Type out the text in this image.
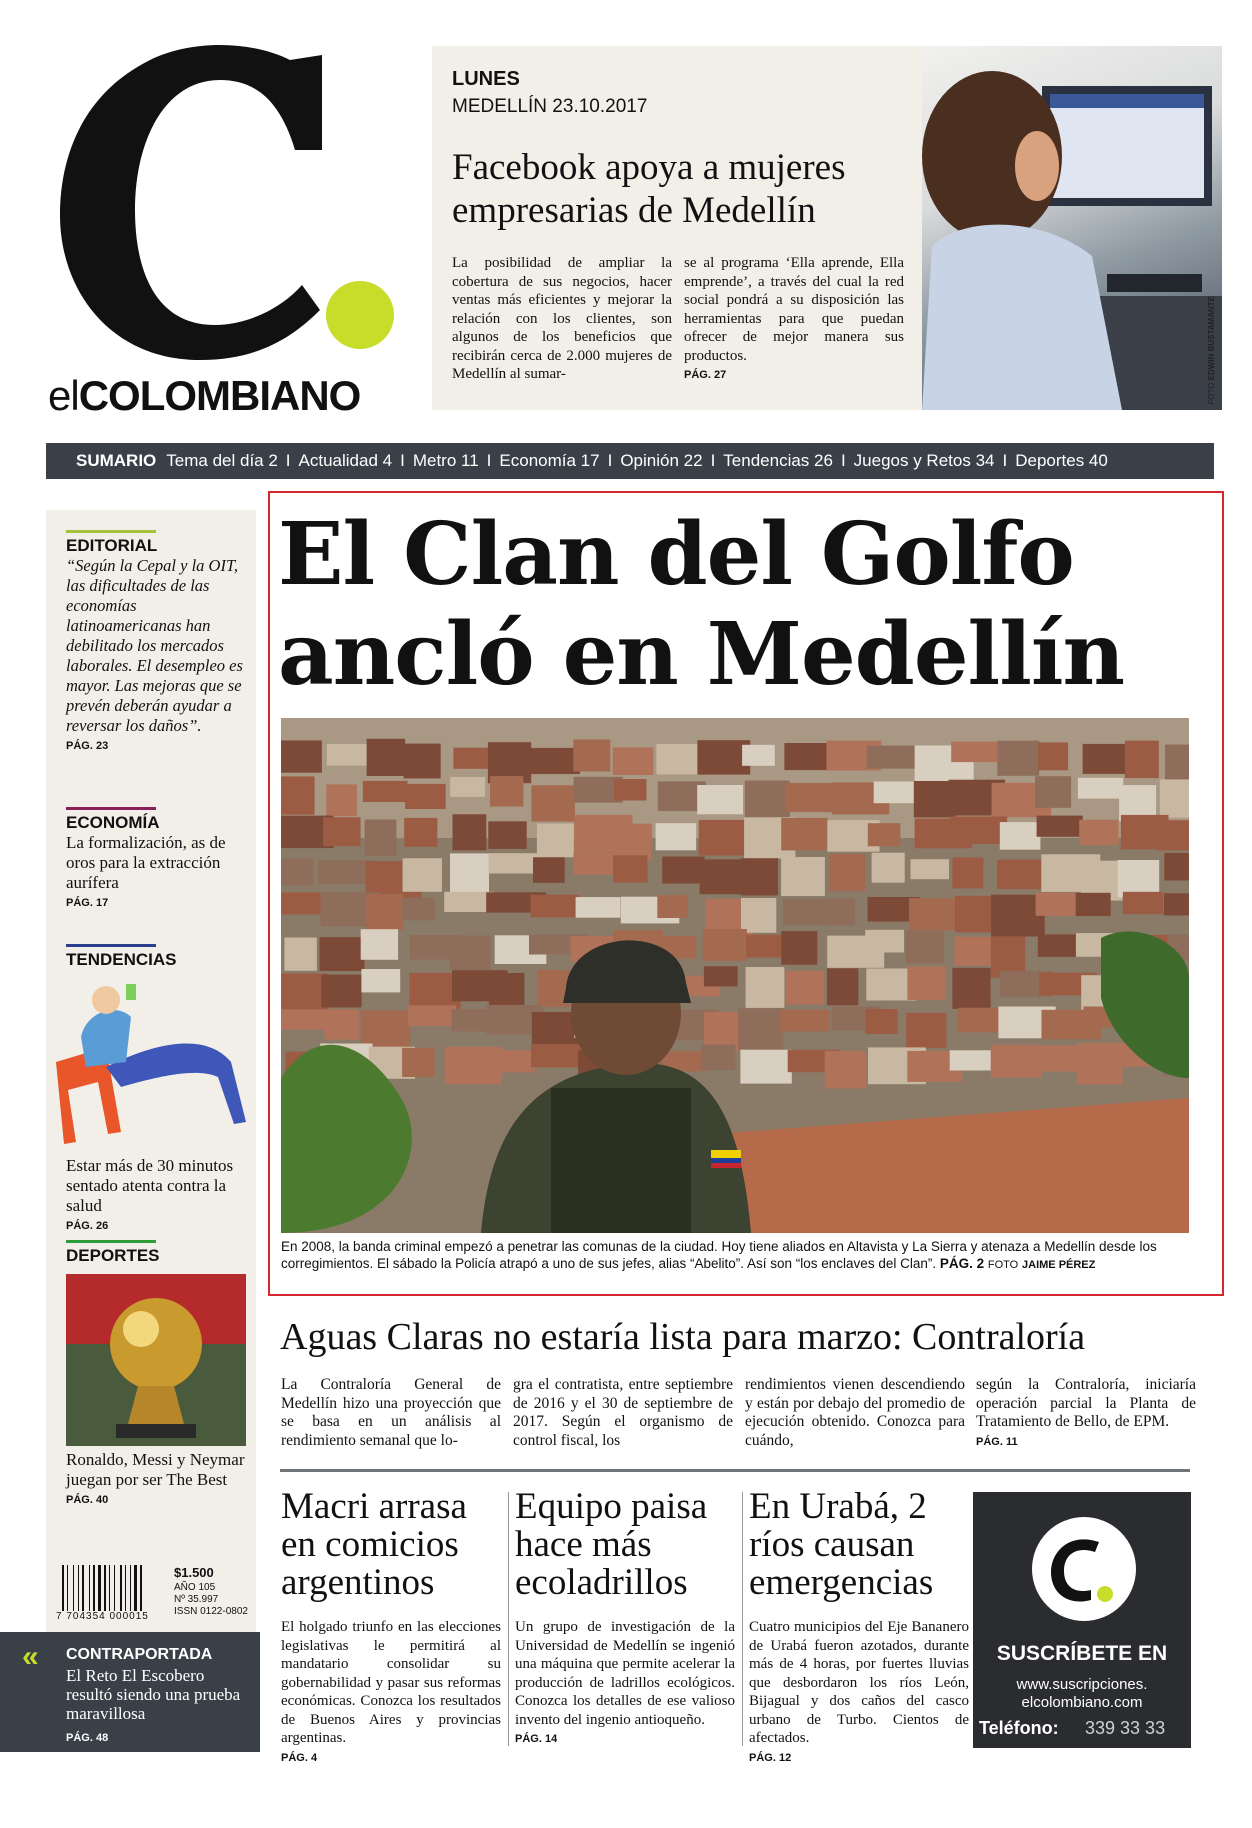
C.
elCOLOMBIANO
LUNES
MEDELLÍN 23.10.2017
Facebook apoya a mujeres empresarias de Medellín
La posibilidad de ampliar la cobertura de sus negocios, hacer ventas más eficientes y mejorar la relación con los clientes, son algunos de los beneficios que recibirán cerca de 2.000 mujeres de Medellín al sumar-
se al programa ‘Ella aprende, Ella emprende’, a través del cual la red social pondrá a su disposición las herramientas para que puedan ofrecer de mejor manera sus productos.
PÁG. 27
FOTO EDWIN BUSTAMANTE
SUMARIO Tema del día 2 I Actualidad 4 I Metro 11 I Economía 17 I Opinión 22 I Tendencias 26 I Juegos y Retos 34 I Deportes 40
EDITORIAL
“Según la Cepal y la OIT, las dificultades de las economías latinoamericanas han debilitado los mercados laborales. El desempleo es mayor. Las mejoras que se prevén deberán ayudar a reversar los daños”.
PÁG. 23
ECONOMÍA
La formalización, as de oros para la extracción aurífera
PÁG. 17
TENDENCIAS
Estar más de 30 minutos sentado atenta contra la salud
PÁG. 26
DEPORTES
Ronaldo, Messi y Neymar juegan por ser The Best
PÁG. 40
7 704354 000015
$1.500
AÑO 105
Nº 35.997
ISSN 0122-0802
« CONTRAPORTADA
El Reto El Escobero resultó siendo una prueba maravillosa
PÁG. 48
El Clan del Golfo
ancló en Medellín
En 2008, la banda criminal empezó a penetrar las comunas de la ciudad. Hoy tiene aliados en Altavista y La Sierra y atenaza a Medellín desde los corregimientos. El sábado la Policía atrapó a uno de sus jefes, alias “Abelito”. Así son “los enclaves del Clan”. PÁG. 2 FOTO JAIME PÉREZ
Aguas Claras no estaría lista para marzo: Contraloría
La Contraloría General de Medellín hizo una proyección que se basa en un análisis al rendimiento semanal que lo-
gra el contratista, entre septiembre de 2016 y el 30 de septiembre de 2017. Según el organismo de control fiscal, los
rendimientos vienen descendiendo y están por debajo del promedio de ejecución obtenido. Conozca para cuándo,
según la Contraloría, iniciaría operación parcial la Planta de Tratamiento de Bello, de EPM.
PÁG. 11
Macri arrasa en comicios argentinos
El holgado triunfo en las elecciones legislativas le permitirá al mandatario consolidar su gobernabilidad y pasar sus reformas económicas. Conozca los resultados de Buenos Aires y provincias argentinas.
PÁG. 4
Equipo paisa hace más ecoladrillos
Un grupo de investigación de la Universidad de Medellín se ingenió una máquina que permite acelerar la producción de ladrillos ecológicos. Conozca los detalles de ese valioso invento del ingenio antioqueño.
PÁG. 14
En Urabá, 2 ríos causan emergencias
Cuatro municipios del Eje Bananero de Urabá fueron azotados, durante más de 4 horas, por fuertes lluvias que desbordaron los ríos León, Bijagual y dos caños del casco urbano de Turbo. Cientos de afectados.
PÁG. 12
C.
SUSCRÍBETE EN
www.suscripciones.
elcolombiano.com
Teléfono: 339 33 33
